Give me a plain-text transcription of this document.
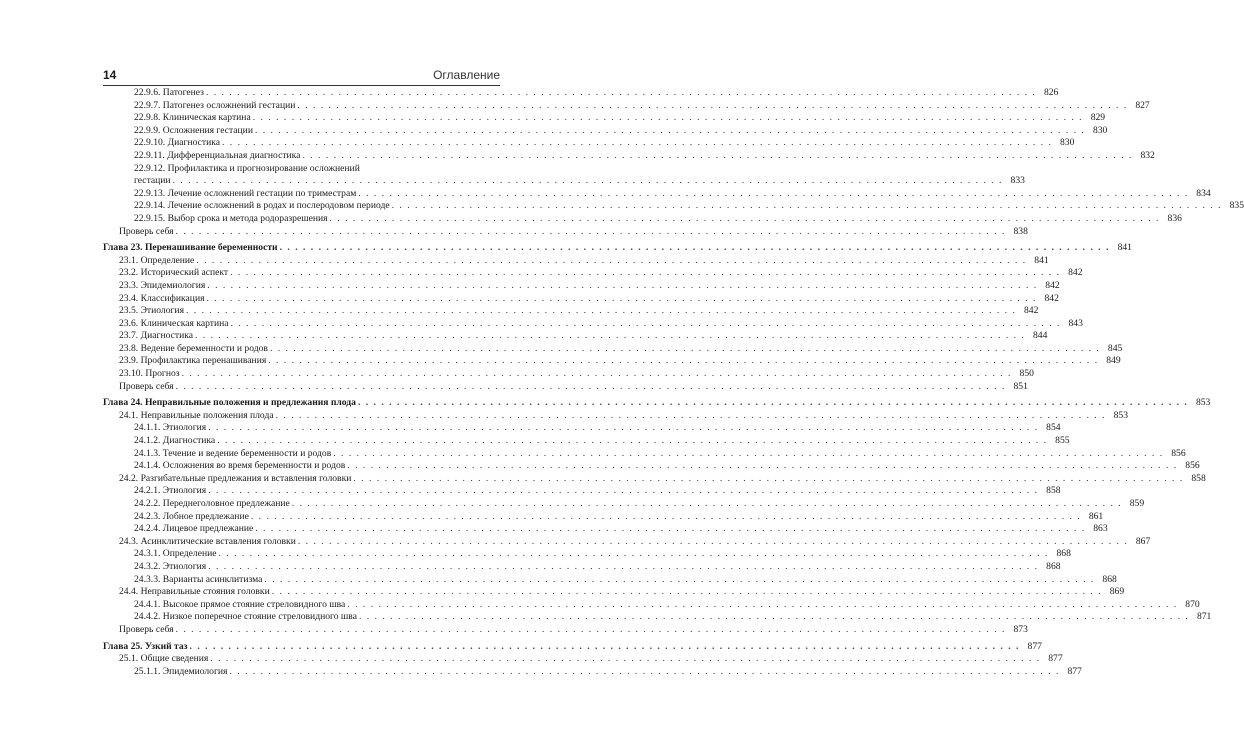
14	Оглавление
22.9.6. Патогенез . . .	826
22.9.7. Патогенез осложнений гестации . . .	827
22.9.8. Клиническая картина . . .	829
22.9.9. Осложнения гестации . . .	830
22.9.10. Диагностика . . .	830
22.9.11. Дифференциальная диагностика . . .	832
22.9.12. Профилактика и прогнозирование осложнений
гестации . . .	833
22.9.13. Лечение осложнений гестации по триместрам . . .	834
22.9.14. Лечение осложнений в родах и послеродовом периоде . . .	835
22.9.15. Выбор срока и метода родоразрешения . . .	836
Проверь себя . . .	838
Глава 23. Перенашивание беременности . . .	841
23.1. Определение . . .	841
23.2. Исторический аспект . . .	842
23.3. Эпидемиология . . .	842
23.4. Классификация . . .	842
23.5. Этиология . . .	842
23.6. Клиническая картина . . .	843
23.7. Диагностика . . .	844
23.8. Ведение беременности и родов . . .	845
23.9. Профилактика перенашивания . . .	849
23.10. Прогноз . . .	850
Проверь себя . . .	851
Глава 24. Неправильные положения и предлежания плода . . .	853
24.1. Неправильные положения плода . . .	853
24.1.1. Этиология . . .	854
24.1.2. Диагностика . . .	855
24.1.3. Течение и ведение беременности и родов . . .	856
24.1.4. Осложнения во время беременности и родов . . .	856
24.2. Разгибательные предлежания и вставления головки . . .	858
24.2.1. Этиология . . .	858
24.2.2. Переднеголовное предлежание . . .	859
24.2.3. Лобное предлежание . . .	861
24.2.4. Лицевое предлежание . . .	863
24.3. Асинклитические вставления головки . . .	867
24.3.1. Определение . . .	868
24.3.2. Этиология . . .	868
24.3.3. Варианты асинклитизма . . .	868
24.4. Неправильные стояния головки . . .	869
24.4.1. Высокое прямое стояние стреловидного шва . . .	870
24.4.2. Низкое поперечное стояние стреловидного шва . . .	871
Проверь себя . . .	873
Глава 25. Узкий таз . . .	877
25.1. Общие сведения . . .	877
25.1.1. Эпидемиология . . .	877
